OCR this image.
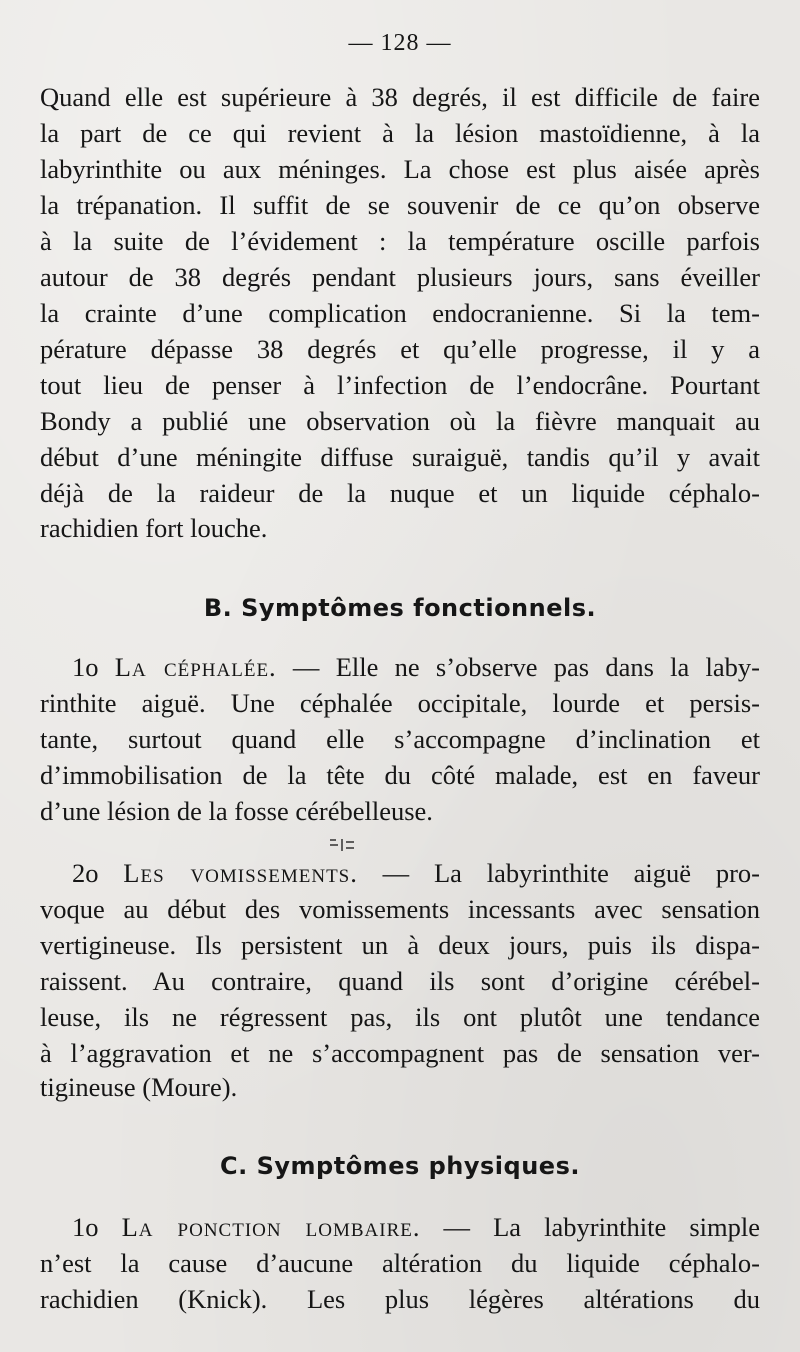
— 128 —
Quand elle est supérieure à 38 degrés, il est difficile de faire
la part de ce qui revient à la lésion mastoïdienne, à la
labyrinthite ou aux méninges. La chose est plus aisée après
la trépanation. Il suffit de se souvenir de ce qu’on observe
à la suite de l’évidement : la température oscille parfois
autour de 38 degrés pendant plusieurs jours, sans éveiller
la crainte d’une complication endocranienne. Si la tem-
pérature dépasse 38 degrés et qu’elle progresse, il y a
tout lieu de penser à l’infection de l’endocrâne. Pourtant
Bondy a publié une observation où la fièvre manquait au
début d’une méningite diffuse suraiguë, tandis qu’il y avait
déjà de la raideur de la nuque et un liquide céphalo-
rachidien fort louche.
B. Symptômes fonctionnels.
1o La céphalée. — Elle ne s’observe pas dans la laby-
rinthite aiguë. Une céphalée occipitale, lourde et persis-
tante, surtout quand elle s’accompagne d’inclination et
d’immobilisation de la tête du côté malade, est en faveur
d’une lésion de la fosse cérébelleuse.
2o Les vomissements. — La labyrinthite aiguë pro-
voque au début des vomissements incessants avec sensation
vertigineuse. Ils persistent un à deux jours, puis ils dispa-
raissent. Au contraire, quand ils sont d’origine cérébel-
leuse, ils ne régressent pas, ils ont plutôt une tendance
à l’aggravation et ne s’accompagnent pas de sensation ver-
tigineuse (Moure).
C. Symptômes physiques.
1o La ponction lombaire. — La labyrinthite simple
n’est la cause d’aucune altération du liquide céphalo-
rachidien (Knick). Les plus légères altérations du
